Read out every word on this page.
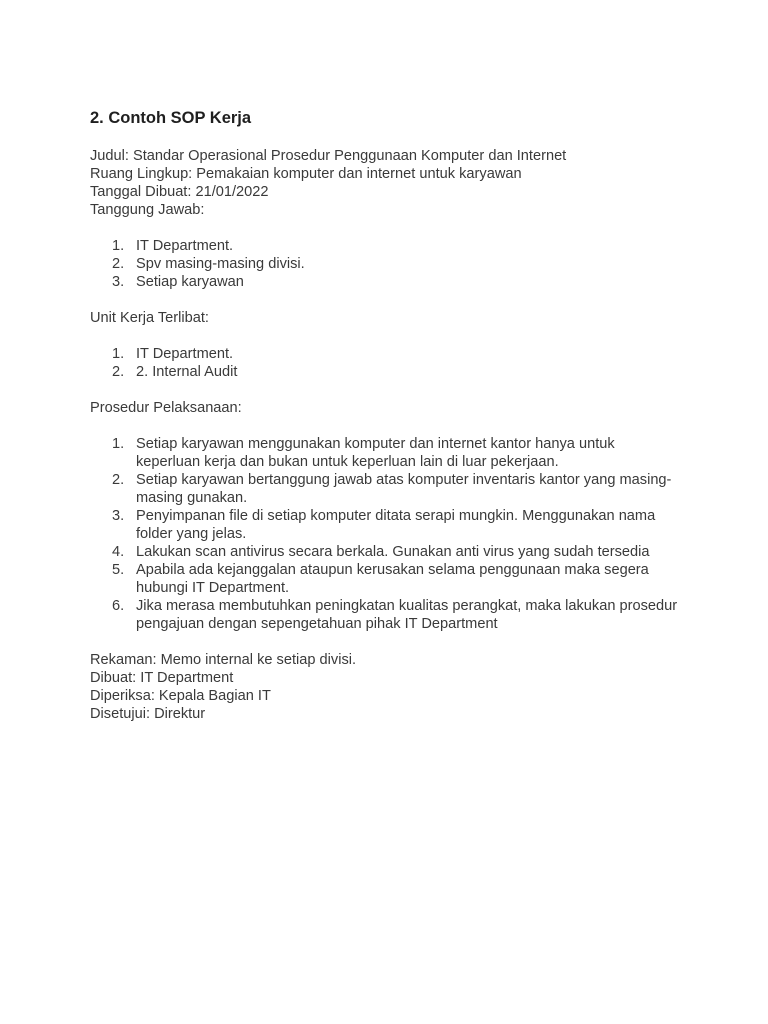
2. Contoh SOP Kerja

Judul: Standar Operasional Prosedur Penggunaan Komputer dan Internet

Ruang Lingkup: Pemakaian komputer dan internet untuk karyawan

Tanggal Dibuat: 21/01/2022

Tanggung Jawab:

1. IT Department.
2. Spv masing-masing divisi.
3. Setiap karyawan

Unit Kerja Terlibat:

1. IT Department.
2. 2. Internal Audit

Prosedur Pelaksanaan:

1. Setiap karyawan menggunakan komputer dan internet kantor hanya untuk keperluan kerja dan bukan untuk keperluan lain di luar pekerjaan.
2. Setiap karyawan bertanggung jawab atas komputer inventaris kantor yang masing-masing gunakan.
3. Penyimpanan file di setiap komputer ditata serapi mungkin. Menggunakan nama folder yang jelas.
4. Lakukan scan antivirus secara berkala. Gunakan anti virus yang sudah tersedia
5. Apabila ada kejanggalan ataupun kerusakan selama penggunaan maka segera hubungi IT Department.
6. Jika merasa membutuhkan peningkatan kualitas perangkat, maka lakukan prosedur pengajuan dengan sepengetahuan pihak IT Department

Rekaman: Memo internal ke setiap divisi.

Dibuat: IT Department

Diperiksa: Kepala Bagian IT

Disetujui: Direktur
